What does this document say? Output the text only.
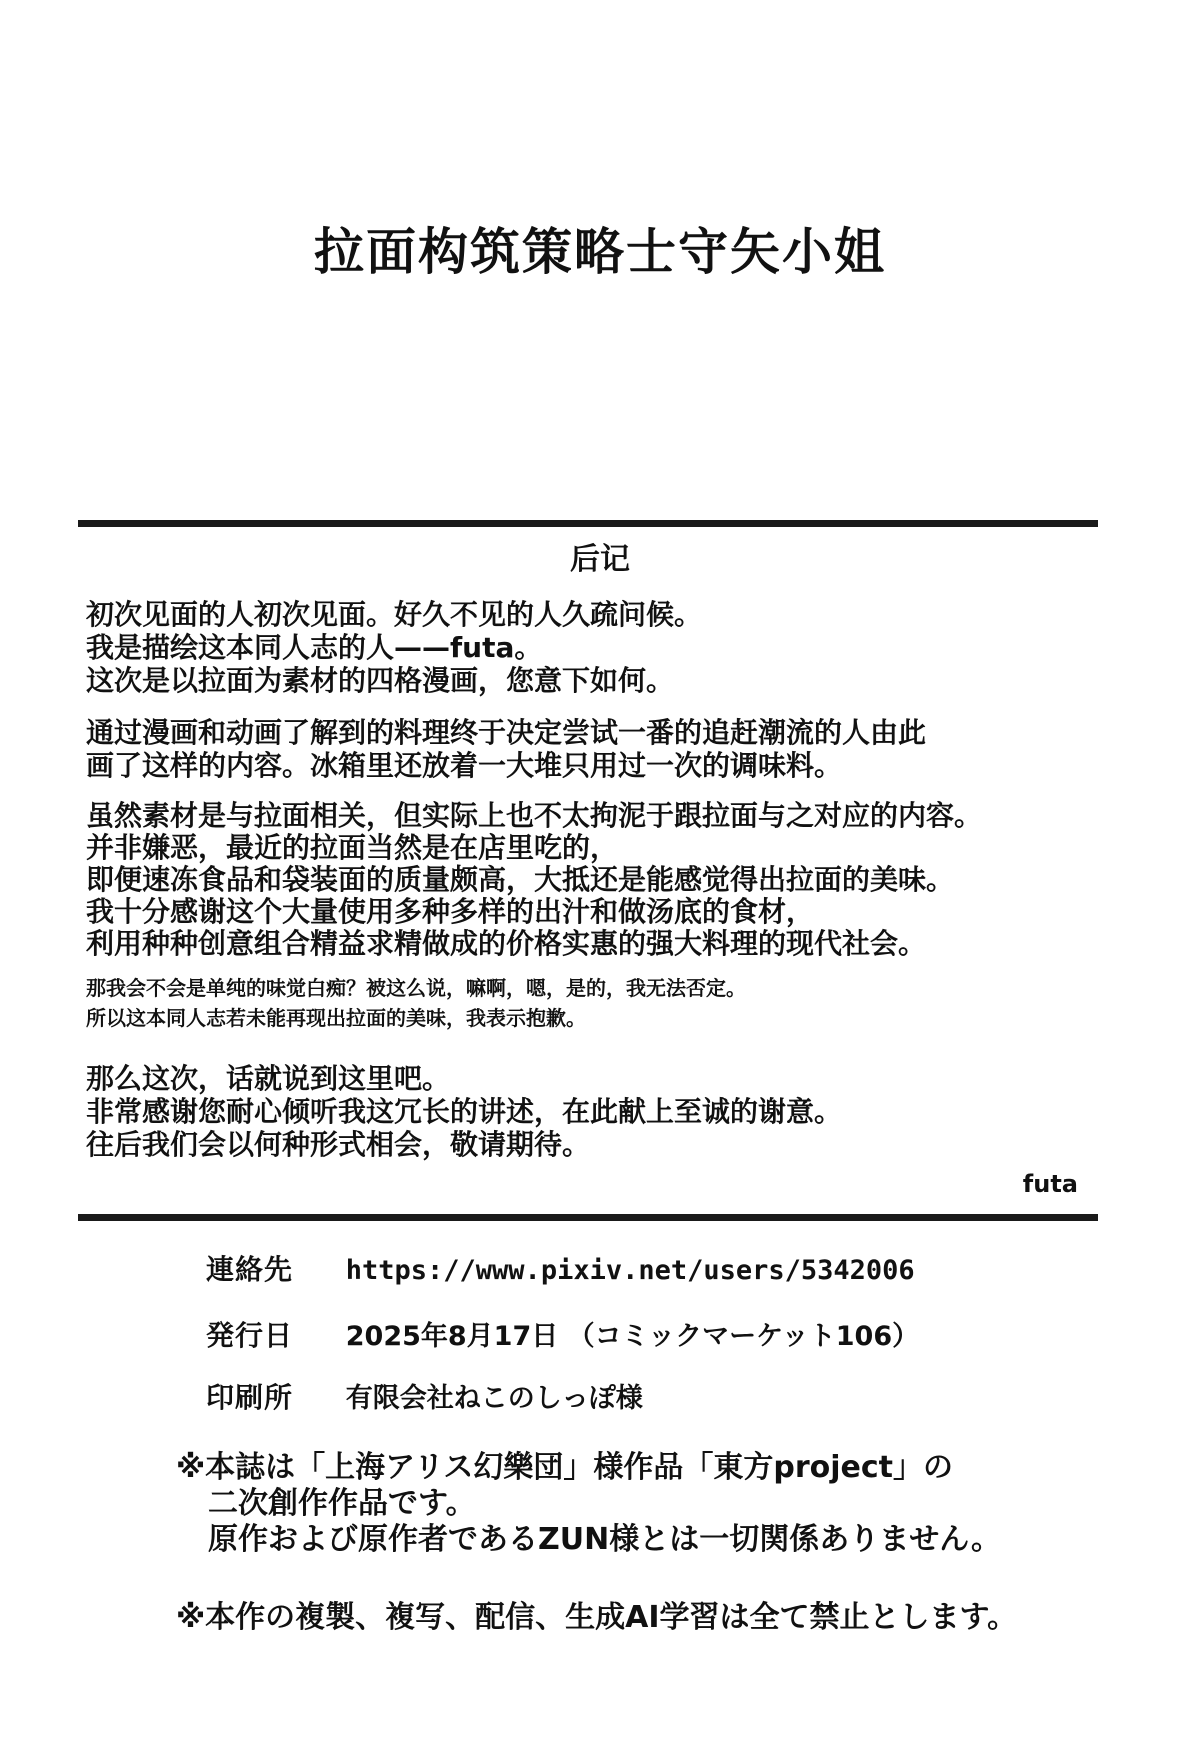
拉面构筑策略士守矢小姐
后记
初次见面的人初次见面。好久不见的人久疏问候。
我是描绘这本同人志的人——futa。
这次是以拉面为素材的四格漫画，您意下如何。
通过漫画和动画了解到的料理终于决定尝试一番的追赶潮流的人由此
画了这样的内容。冰箱里还放着一大堆只用过一次的调味料。
虽然素材是与拉面相关，但实际上也不太拘泥于跟拉面与之对应的内容。
并非嫌恶，最近的拉面当然是在店里吃的，
即便速冻食品和袋装面的质量颇高，大抵还是能感觉得出拉面的美味。
我十分感谢这个大量使用多种多样的出汁和做汤底的食材，
利用种种创意组合精益求精做成的价格实惠的强大料理的现代社会。
那我会不会是单纯的味觉白痴？被这么说，嘛啊，嗯，是的，我无法否定。
所以这本同人志若未能再现出拉面的美味，我表示抱歉。
那么这次，话就说到这里吧。
非常感谢您耐心倾听我这冗长的讲述，在此献上至诚的谢意。
往后我们会以何种形式相会，敬请期待。
futa
連絡先 https://www.pixiv.net/users/5342006
発行日 2025年8月17日 （コミックマーケット106）
印刷所 有限会社ねこのしっぽ様
※本誌は「上海アリス幻樂団」様作品「東方project」の
二次創作作品です。
原作および原作者であるZUN様とは一切関係ありません。
※本作の複製、複写、配信、生成AI学習は全て禁止とします。
